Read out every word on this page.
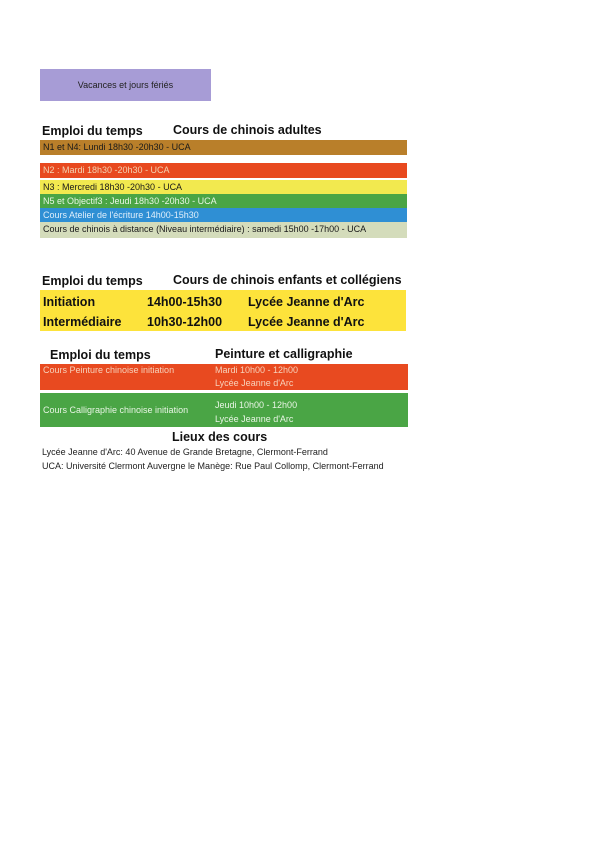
Vacances et jours fériés
Emploi du temps Cours de chinois adultes
N1 et N4: Lundi 18h30 -20h30 - UCA
N2 : Mardi 18h30 -20h30 - UCA
N3 : Mercredi 18h30 -20h30 - UCA
N5 et Objectif3 : Jeudi 18h30 -20h30 - UCA
Cours Atelier de l'écriture 14h00-15h30
Cours de chinois à distance (Niveau intermédiaire) : samedi 15h00 -17h00 - UCA
Emploi du temps Cours de chinois enfants et collégiens
Initiation	14h00-15h30 Lycée Jeanne d'Arc
Intermédiaire 10h30-12h00 Lycée Jeanne d'Arc
Emploi du temps	Peinture et calligraphie
Cours Peinture chinoise initiation	Mardi 10h00 - 12h00
Lycée Jeanne d'Arc
Cours Calligraphie chinoise initiation	Jeudi 10h00 - 12h00
Lycée Jeanne d'Arc
Lieux des cours
Lycée Jeanne d'Arc: 40 Avenue de Grande Bretagne, Clermont-Ferrand
UCA: Université Clermont Auvergne le Manège: Rue Paul Collomp, Clermont-Ferrand
